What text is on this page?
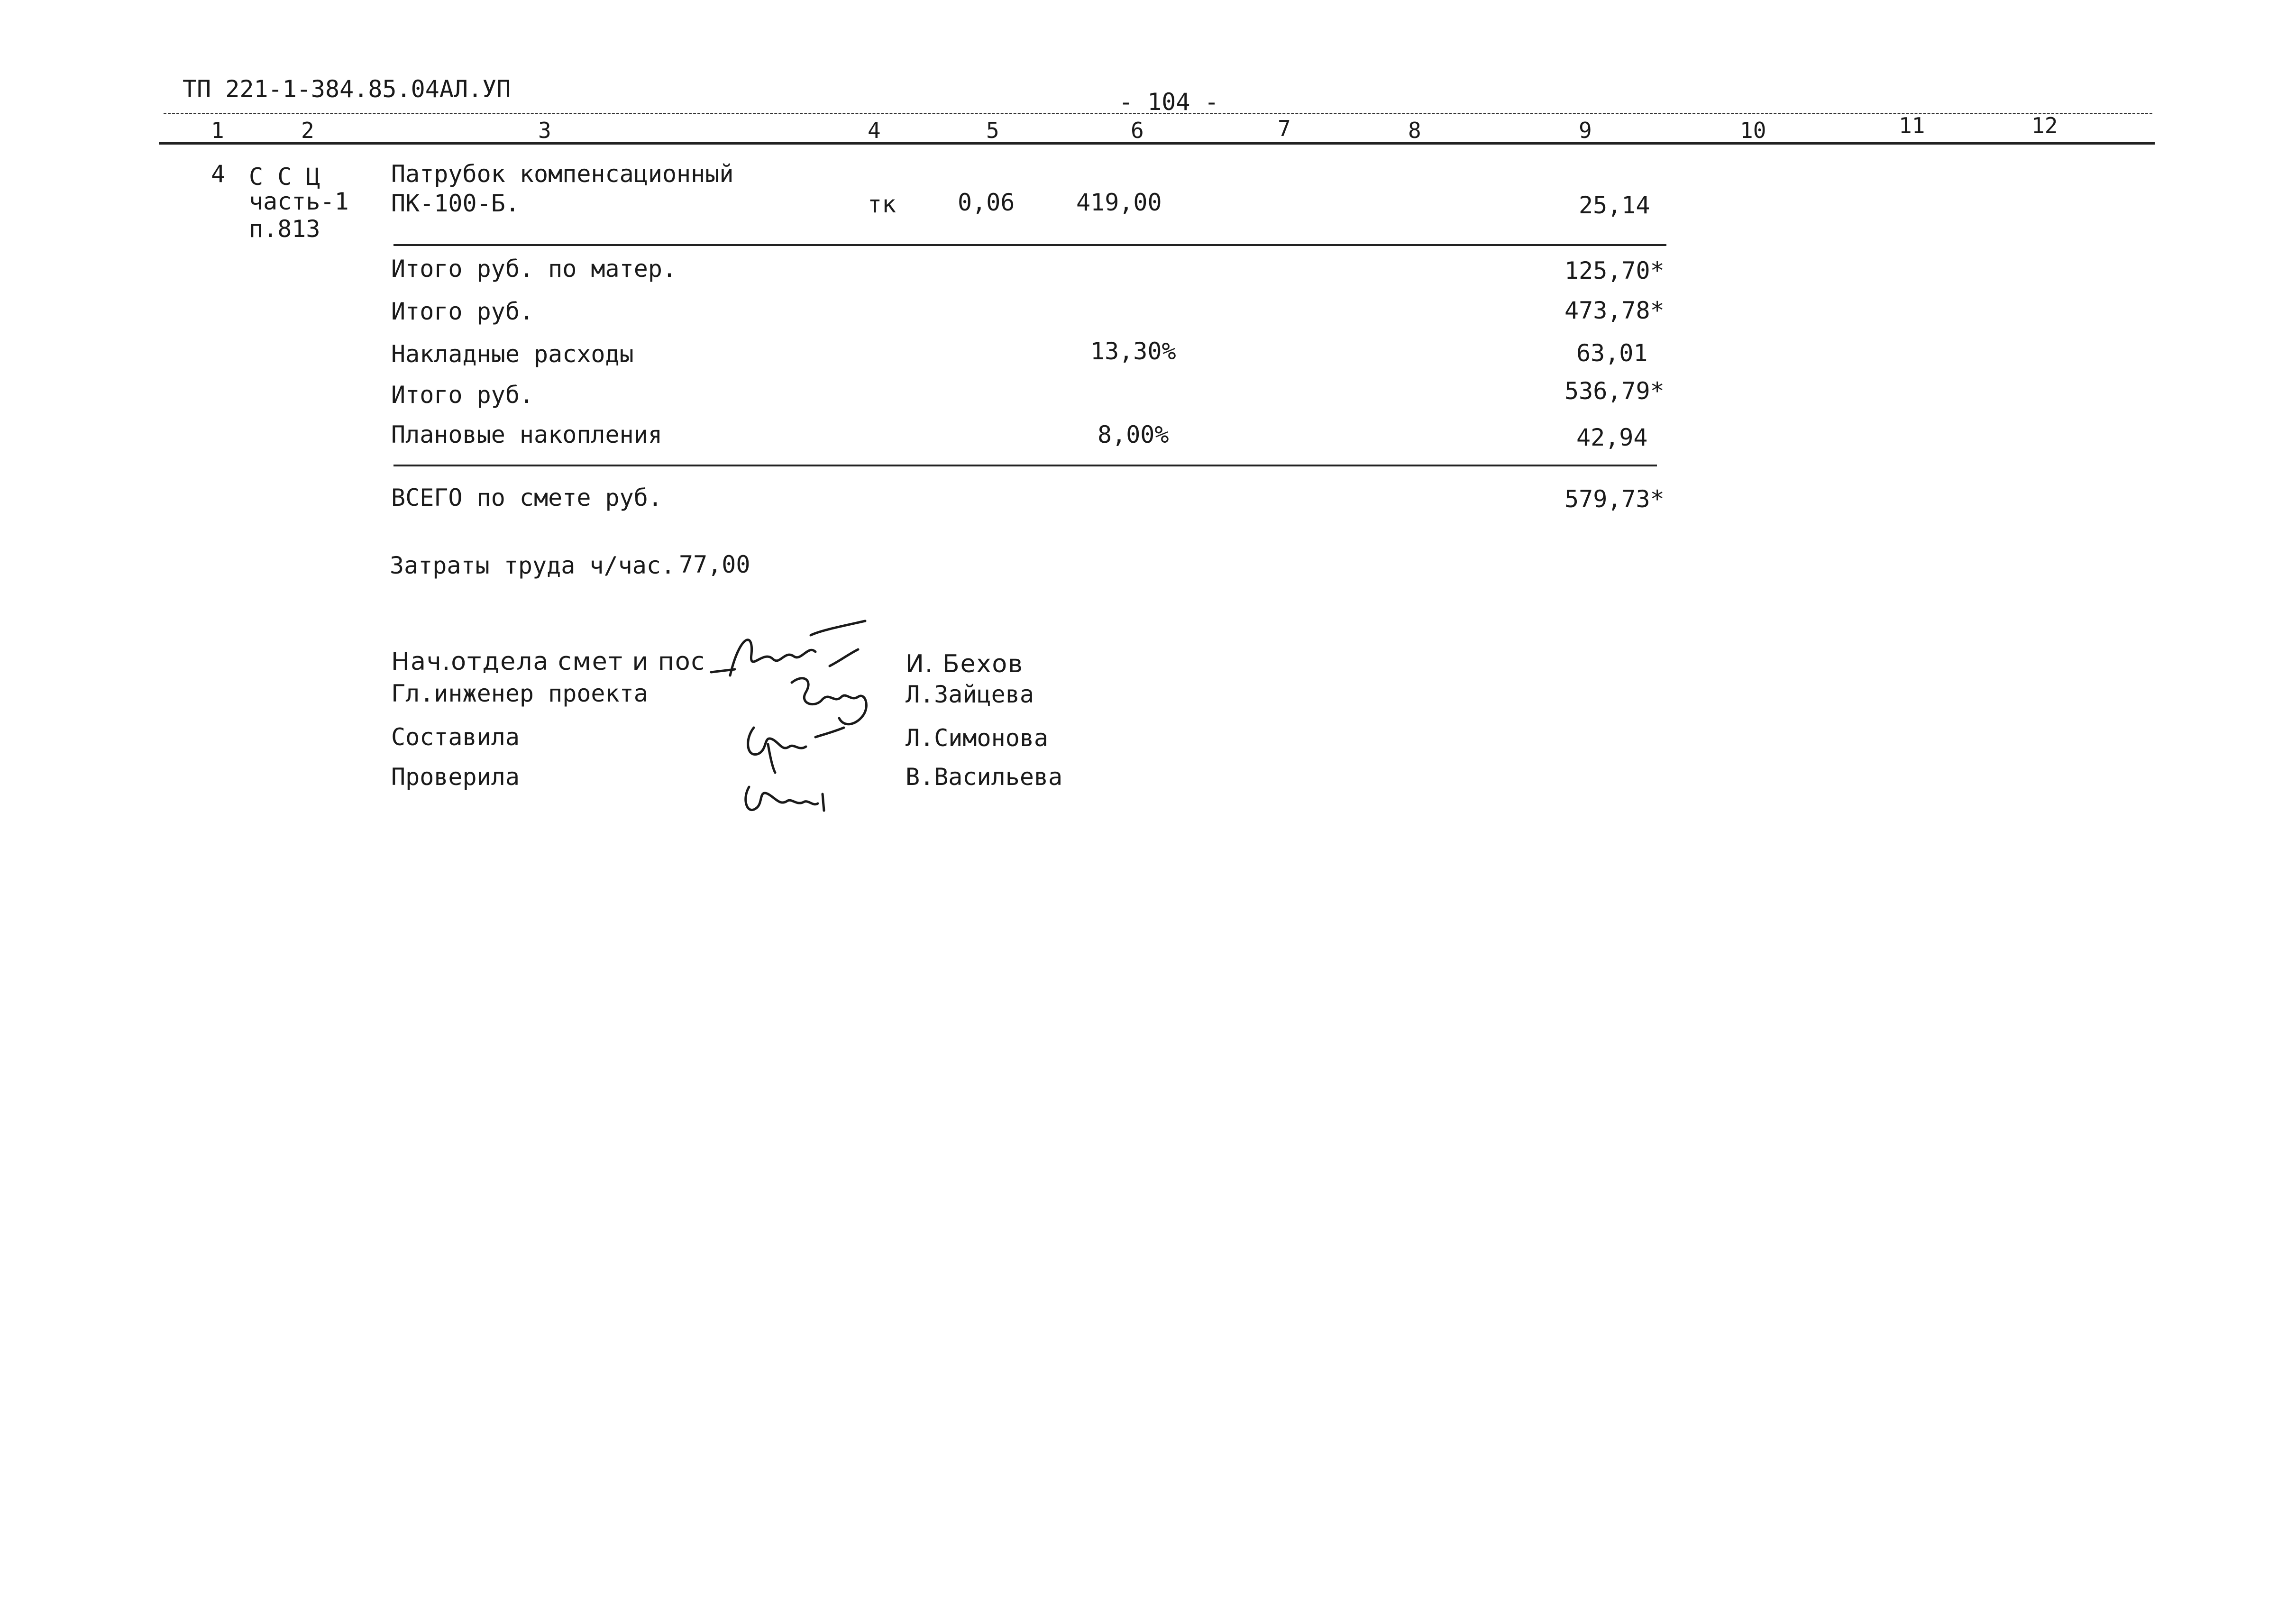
ТП 221-1-384.85.04АЛ.УП	- 104 -
1	2	3	4	5	6	7	8	9	10	11	12
4 С С Ц
часть-1
п.813
Патрубок компенсационный
ПК-100-Б.	тк	0,06	419,00	25,14
Итого руб. по матер.	125,70*
Итого руб.	473,78*
Накладные расходы	13,30%	63,01
Итого руб.	536,79*
Плановые накопления	8,00%	42,94
ВСЕГО по смете руб.	579,73*
Затраты труда ч/час. 77,00
Нач.отдела смет и пос	И. Бехов
Гл.инженер проекта	Л.Зайцева
Составила	Л.Симонова
Проверила	В.Васильева
